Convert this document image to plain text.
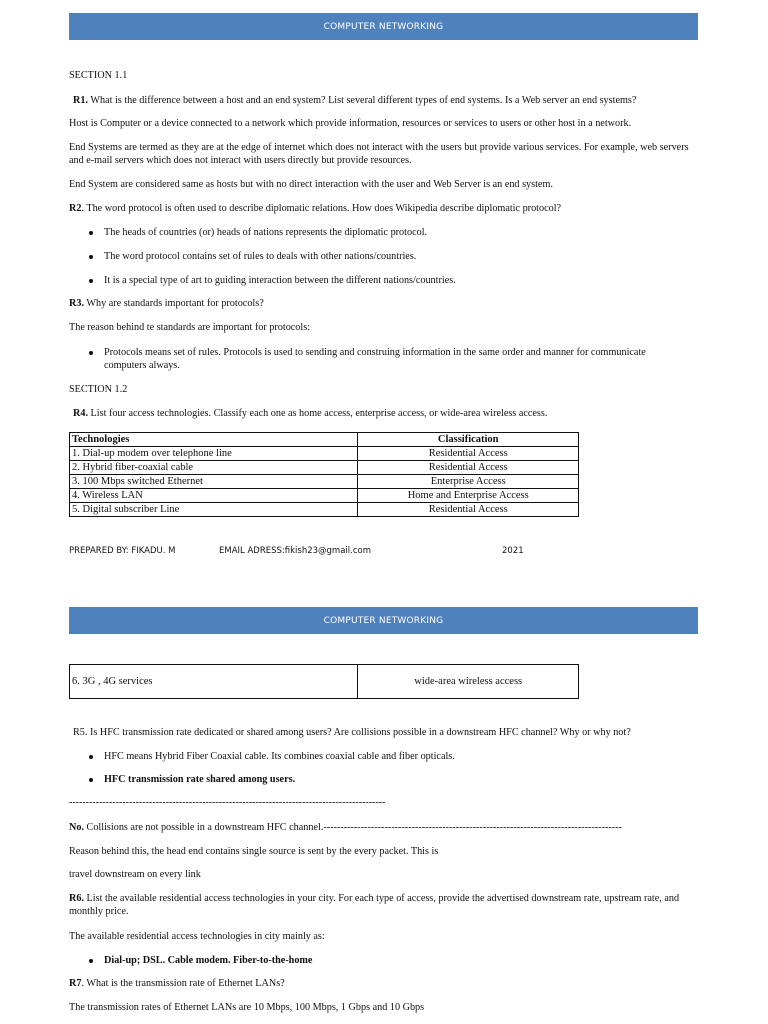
COMPUTER NETWORKING
SECTION 1.1
R1. What is the difference between a host and an end system? List several different types of end systems. Is a Web server an end systems?
Host is Computer or a device connected to a network which provide information, resources or services to users or other host in a network.
End Systems are termed as they are at the edge of internet which does not interact with the users but provide various services. For example, web servers and e-mail servers which does not interact with users directly but provide resources.
End System are considered same as hosts but with no direct interaction with the user and Web Server is an end system.
R2. The word protocol is often used to describe diplomatic relations. How does Wikipedia describe diplomatic protocol?
The heads of countries (or) heads of nations represents the diplomatic protocol.
The word protocol contains set of rules to deals with other nations/countries.
It is a special type of art to guiding interaction between the different nations/countries.
R3. Why are standards important for protocols?
The reason behind te standards are important for protocols:
Protocols means set of rules. Protocols is used to sending and construing information in the same order and manner for communicate computers always.
SECTION 1.2
R4. List four access technologies. Classify each one as home access, enterprise access, or wide-area wireless access.
Technologies	Classification
1. Dial-up modem over telephone line	Residential Access
2. Hybrid fiber-coaxial cable	Residential Access
3. 100 Mbps switched Ethernet	Enterprise Access
4. Wireless LAN	Home and Enterprise Access
5. Digital subscriber Line	Residential Access
PREPARED BY: FIKADU. M	EMAIL ADRESS:fikish23@gmail.com	2021
COMPUTER NETWORKING
6. 3G , 4G services	wide-area wireless access
R5. Is HFC transmission rate dedicated or shared among users? Are collisions possible in a downstream HFC channel? Why or why not?
HFC means Hybrid Fiber Coaxial cable. Its combines coaxial cable and fiber opticals.
HFC transmission rate shared among users.
-----------------------------------------------------------------------------------------------
No. Collisions are not possible in a downstream HFC channel.----------------------------------------------------------------------------------------
Reason behind this, the head end contains single source is sent by the every packet. This is
travel downstream on every link
R6. List the available residential access technologies in your city. For each type of access, provide the advertised downstream rate, upstream rate, and monthly price.
The available residential access technologies in city mainly as:
Dial-up; DSL. Cable modem. Fiber-to-the-home
R7. What is the transmission rate of Ethernet LANs?
The transmission rates of Ethernet LANs are 10 Mbps, 100 Mbps, 1 Gbps and 10 Gbps
